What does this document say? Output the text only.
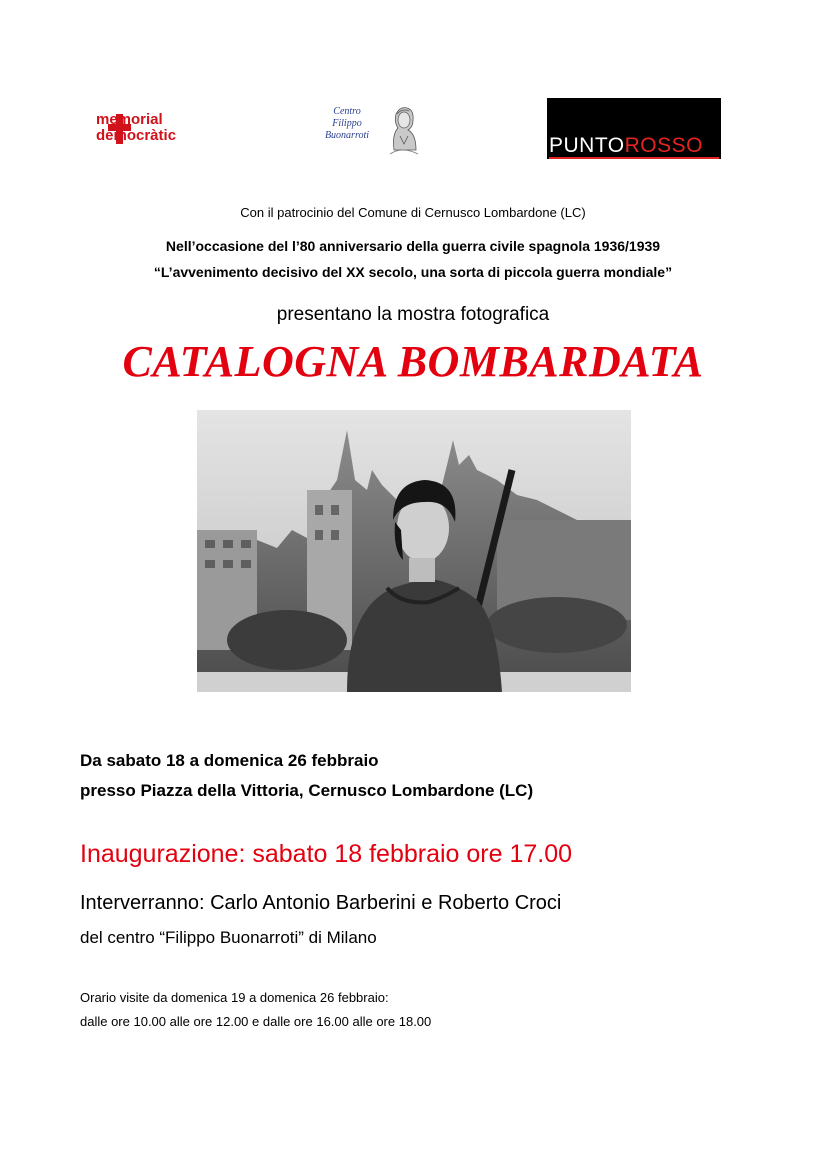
memorial
democràtic
Centro
Filippo
Buonarroti	PUNTOROSSO
Con il patrocinio del Comune di Cernusco Lombardone (LC)
Nell’occasione del l’80 anniversario della guerra civile spagnola 1936/1939
“L’avvenimento decisivo del XX secolo, una sorta di piccola guerra mondiale”
presentano la mostra fotografica
CATALOGNA BOMBARDATA
Da sabato 18 a domenica 26 febbraio
presso Piazza della Vittoria, Cernusco Lombardone (LC)
Inaugurazione: sabato 18 febbraio ore 17.00
Interverranno: Carlo Antonio Barberini e Roberto Croci
del centro “Filippo Buonarroti” di Milano
Orario visite da domenica 19 a domenica 26 febbraio:
dalle ore 10.00 alle ore 12.00 e dalle ore 16.00 alle ore 18.00
